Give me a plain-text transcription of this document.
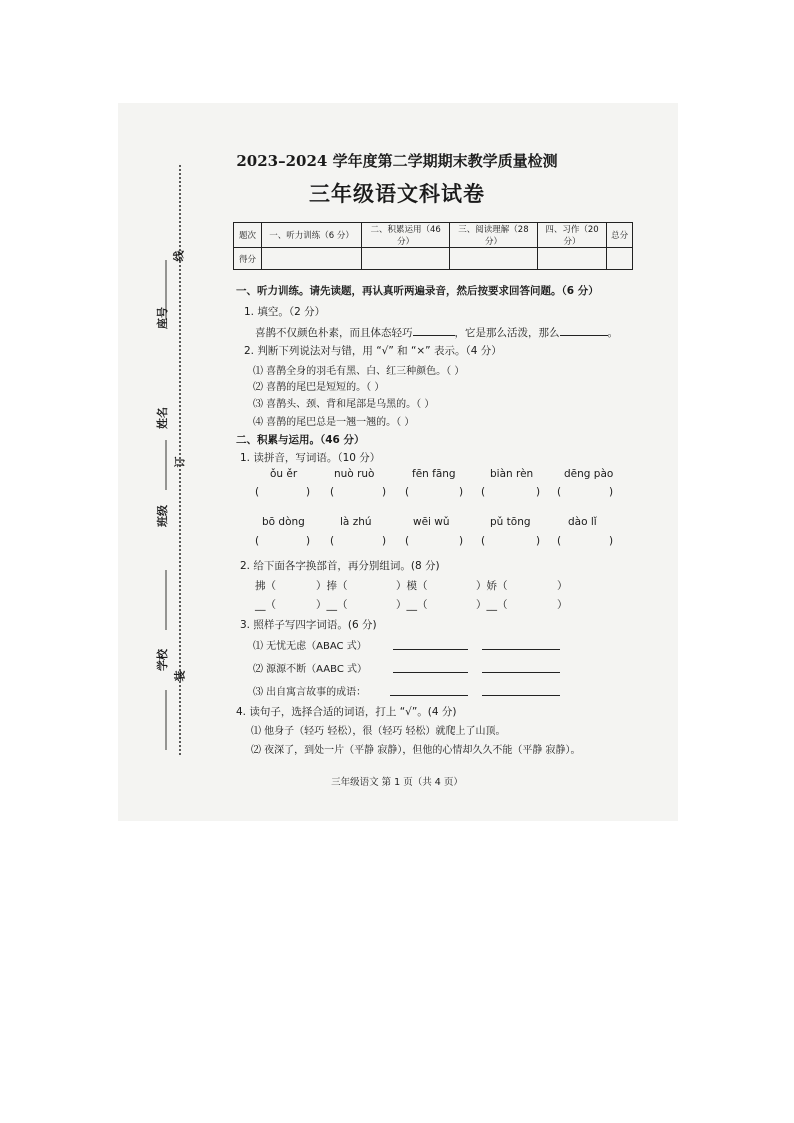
线
座号
姓名
订
班级
学校
装
2023–2024 学年度第二学期期末教学质量检测
三年级语文科试卷
题次	一、听力训练（6 分）	二、积累运用（46 分）	三、阅读理解（28 分）	四、习作（20 分）	总分
得分					
一、听力训练。请先读题，再认真听两遍录音，然后按要求回答问题。（6 分）
1. 填空。（2 分）
喜鹊不仅颜色朴素，而且体态轻巧	，它是那么活泼，那么	。
2. 判断下列说法对与错，用 “√” 和 “×” 表示。（4 分）
⑴ 喜鹊全身的羽毛有黑、白、红三种颜色。（ ）
⑵ 喜鹊的尾巴是短短的。（ ）
⑶ 喜鹊头、颈、背和尾部是乌黑的。（ ）
⑷ 喜鹊的尾巴总是一翘一翘的。（ ）
二、积累与运用。（46 分）
1. 读拼音，写词语。（10 分）
ǒu ěr	nuò ruò	fēn fāng	biàn rèn	dēng pào
(	) (	) (	) (	) (	)
bō dòng	là zhú	wēi wǔ	pǔ tōng	dào lǐ
(	) (	) (	) (	) (	)
2. 给下面各字换部首，再分别组词。(8 分)
拂（	）捧（	）模（	）娇（	）
__（	）__（	）__（	）__（	）
3. 照样子写四字词语。(6 分)
⑴ 无忧无虑（ABAC 式）
⑵ 源源不断（AABC 式）
⑶ 出自寓言故事的成语：
4. 读句子，选择合适的词语，打上 “√”。(4 分)
⑴ 他身子（轻巧 轻松），很（轻巧 轻松）就爬上了山顶。
⑵ 夜深了，到处一片（平静 寂静），但他的心情却久久不能（平静 寂静）。
三年级语文 第 1 页（共 4 页）
